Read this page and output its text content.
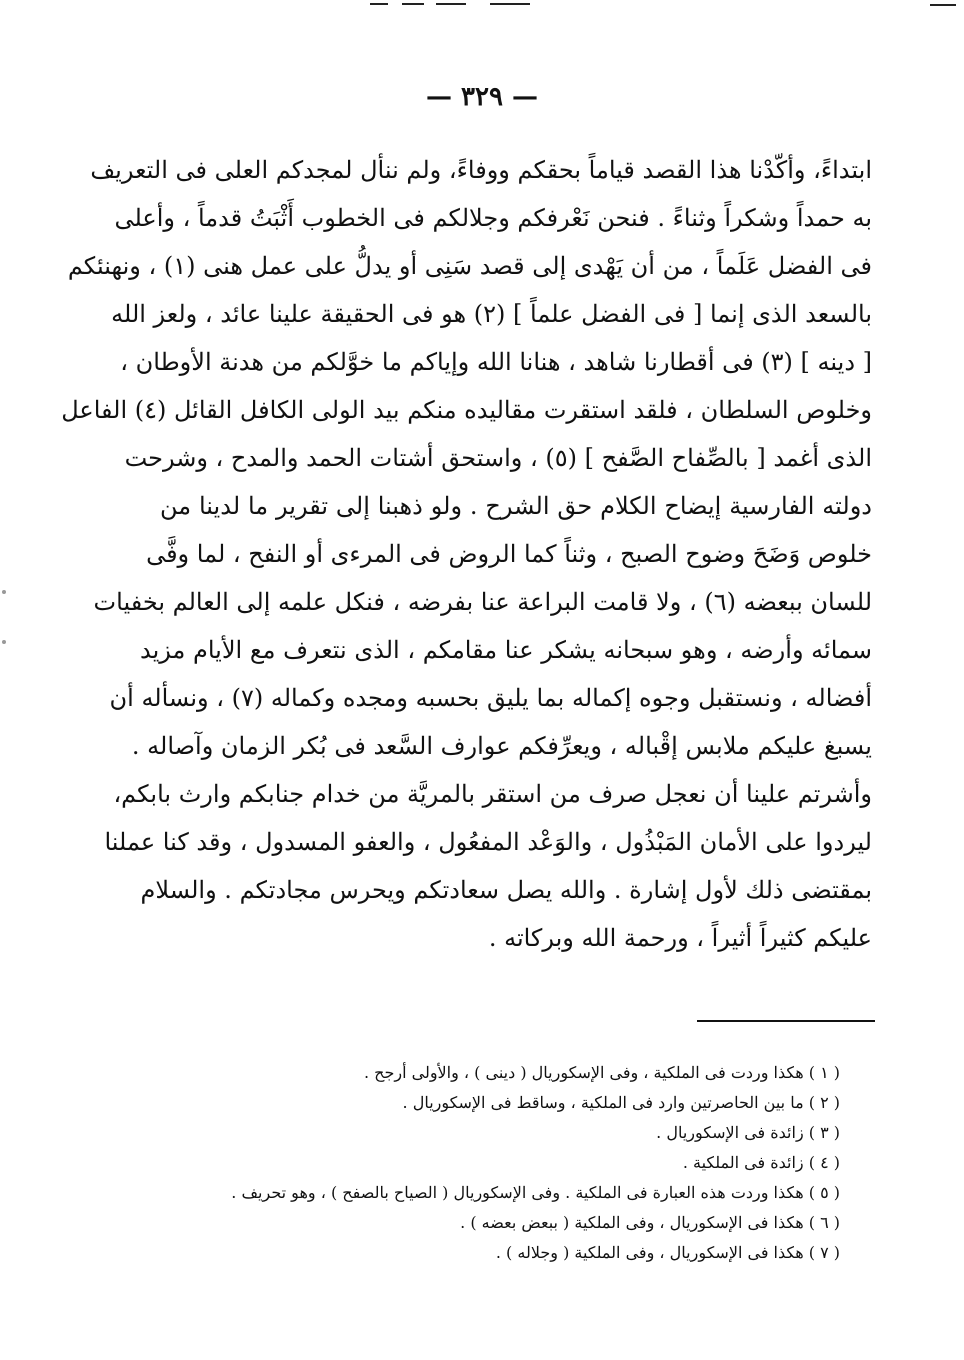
— ٣٢٩ —
ابتداءً، وأكّدْنا هذا القصد قياماً بحقكم ووفاءً، ولم ننأل لمجدكم العلى فى التعريف
به حمداً وشكراً وثناءً . فنحن نَعْرفكم وجلالكم فى الخطوب أَثْبَتُ قدماً ، وأعلى
فى الفضل عَلَماً ، من أن يَهْدى إلى قصد سَنِى أو يدلُّ على عمل هنى (١) ، ونهنئكم
بالسعد الذى إنما [ فى الفضل علماً ] (٢) هو فى الحقيقة علينا عائد ، ولعز الله
[ دينه ] (٣) فى أقطارنا شاهد ، هنانا الله وإياكم ما خوَّلكم من هدنة الأوطان ،
وخلوص السلطان ، فلقد استقرت مقاليده منكم بيد الولى الكافل القائل (٤) الفاعل
الذى أغمد [ بالصِّفاح الصَّفح ] (٥) ، واستحق أشتات الحمد والمدح ، وشرحت
دولته الفارسية إيضاح الكلام حق الشرح . ولو ذهبنا إلى تقرير ما لدينا من
خلوص وَضَحَ وضوح الصبح ، وثناً كما الروض فى المرءى أو النفح ، لما وفَّى
للسان ببعضه (٦) ، ولا قامت البراعة عنا بفرضه ، فنكل علمه إلى العالم بخفيات
سمائه وأرضه ، وهو سبحانه يشكر عنا مقامكم ، الذى نتعرف مع الأيام مزيد
أفضاله ، ونستقبل وجوه إكماله بما يليق بحسبه ومجده وكماله (٧) ، ونسأله أن
يسبغ عليكم ملابس إقْباله ، ويعرِّفكم عوارف السَّعد فى بُكر الزمان وآصاله .
وأشرتم علينا أن نعجل صرف من استقر بالمريَّة من خدام جنابكم وارث بابكم،
ليردوا على الأمان المَبْذُول ، والوَعْد المفعُول ، والعفو المسدول ، وقد كنا عملنا
بمقتضى ذلك لأول إشارة . والله يصل سعادتكم ويحرس مجادتكم . والسلام
عليكم كثيراً أثيراً ، ورحمة الله وبركاته .
( ١ ) هكذا وردت فى الملكية ، وفى الإسكوريال ( دينى ) ، والأولى أرجح .
( ٢ ) ما بين الحاصرتين وارد فى الملكية ، وساقط فى الإسكوريال .
( ٣ ) زائدة فى الإسكوريال .
( ٤ ) زائدة فى الملكية .
( ٥ ) هكذا وردت هذه العبارة فى الملكية . وفى الإسكوريال ( الصياح بالصفح ) ، وهو تحريف .
( ٦ ) هكذا فى الإسكوريال ، وفى الملكية ( ببعض بعضه ) .
( ٧ ) هكذا فى الإسكوريال ، وفى الملكية ( وجلاله ) .
